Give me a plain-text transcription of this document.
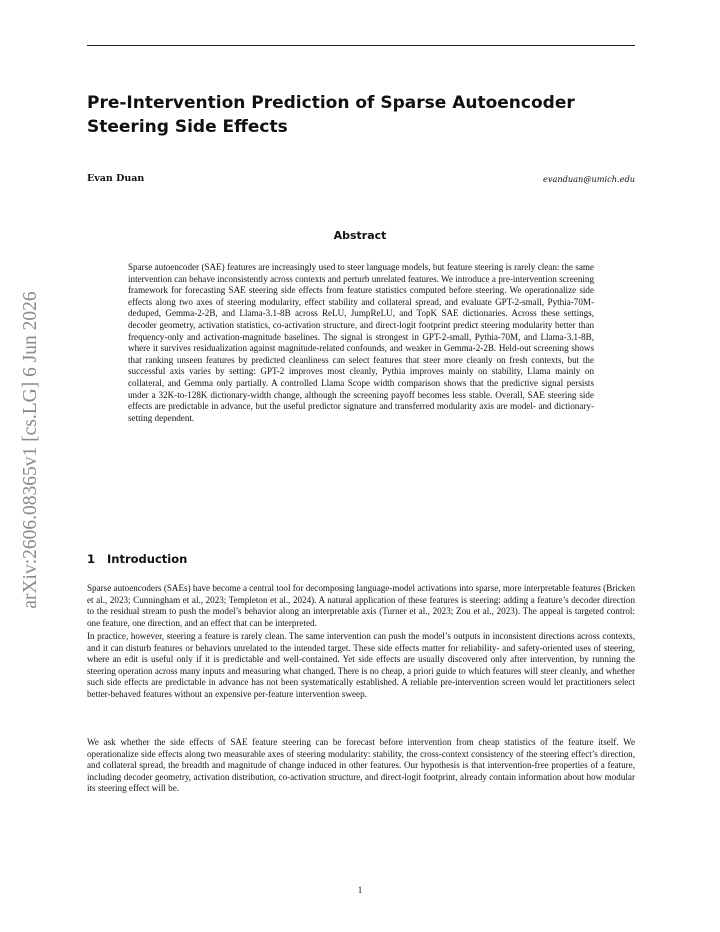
Pre-Intervention Prediction of Sparse Autoencoder Steering Side Effects
Evan Duan	evanduan@umich.edu
arXiv:2606.08365v1 [cs.LG] 6 Jun 2026
Abstract

Sparse autoencoder (SAE) features are increasingly used to steer language models, but feature steering is rarely clean: the same intervention can behave inconsistently across contexts and perturb unrelated features. We introduce a pre-intervention screening framework for forecasting SAE steering side effects from feature statistics computed before steering. We operationalize side effects along two axes of steering modularity, effect stability and collateral spread, and evaluate GPT-2-small, Pythia-70M-deduped, Gemma-2-2B, and Llama-3.1-8B across ReLU, JumpReLU, and TopK SAE dictionaries. Across these settings, decoder geometry, activation statistics, co-activation structure, and direct-logit footprint predict steering modularity better than frequency-only and activation-magnitude baselines. The signal is strongest in GPT-2-small, Pythia-70M, and Llama-3.1-8B, where it survives residualization against magnitude-related confounds, and weaker in Gemma-2-2B. Held-out screening shows that ranking unseen features by predicted cleanliness can select features that steer more cleanly on fresh contexts, but the successful axis varies by setting: GPT-2 improves most cleanly, Pythia improves mainly on stability, Llama mainly on collateral, and Gemma only partially. A controlled Llama Scope width comparison shows that the predictive signal persists under a 32K-to-128K dictionary-width change, although the screening payoff becomes less stable. Overall, SAE steering side effects are predictable in advance, but the useful predictor signature and transferred modularity axis are model- and dictionary-setting dependent.

1 Introduction

Sparse autoencoders (SAEs) have become a central tool for decomposing language-model activations into sparse, more interpretable features (Bricken et al., 2023; Cunningham et al., 2023; Templeton et al., 2024). A natural application of these features is steering: adding a feature’s decoder direction to the residual stream to push the model’s behavior along an interpretable axis (Turner et al., 2023; Zou et al., 2023). The appeal is targeted control: one feature, one direction, and an effect that can be interpreted.

In practice, however, steering a feature is rarely clean. The same intervention can push the model’s outputs in inconsistent directions across contexts, and it can disturb features or behaviors unrelated to the intended target. These side effects matter for reliability- and safety-oriented uses of steering, where an edit is useful only if it is predictable and well-contained. Yet side effects are usually discovered only after intervention, by running the steering operation across many inputs and measuring what changed. There is no cheap, a priori guide to which features will steer cleanly, and whether such side effects are predictable in advance has not been systematically established. A reliable pre-intervention screen would let practitioners select better-behaved features without an expensive per-feature intervention sweep.

We ask whether the side effects of SAE feature steering can be forecast before intervention from cheap statistics of the feature itself. We operationalize side effects along two measurable axes of steering modularity: stability, the cross-context consistency of the steering effect’s direction, and collateral spread, the breadth and magnitude of change induced in other features. Our hypothesis is that intervention-free properties of a feature, including decoder geometry, activation distribution, co-activation structure, and direct-logit footprint, already contain information about how modular its steering effect will be.

1
